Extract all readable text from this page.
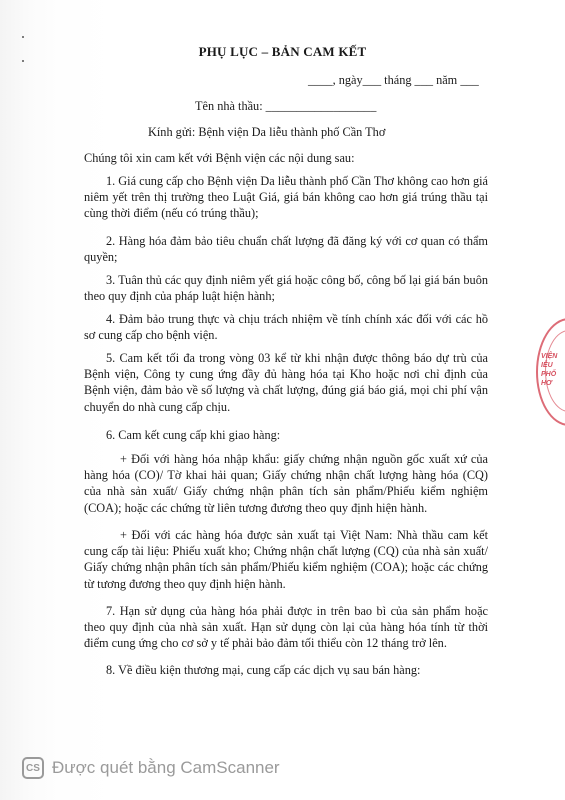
PHỤ LỤC – BẢN CAM KẾT
____, ngày___ tháng ___ năm ___
Tên nhà thầu: __________________
Kính gửi: Bệnh viện Da liễu thành phố Cần Thơ
Chúng tôi xin cam kết với Bệnh viện các nội dung sau:
1. Giá cung cấp cho Bệnh viện Da liễu thành phố Cần Thơ không cao hơn giá niêm yết trên thị trường theo Luật Giá, giá bán không cao hơn giá trúng thầu tại cùng thời điểm (nếu có trúng thầu);
2. Hàng hóa đảm bảo tiêu chuẩn chất lượng đã đăng ký với cơ quan có thẩm quyền;
3. Tuân thủ các quy định niêm yết giá hoặc công bố, công bố lại giá bán buôn theo quy định của pháp luật hiện hành;
4. Đảm bảo trung thực và chịu trách nhiệm về tính chính xác đối với các hồ sơ cung cấp cho bệnh viện.
5. Cam kết tối đa trong vòng 03 kể từ khi nhận được thông báo dự trù của Bệnh viện, Công ty cung ứng đầy đủ hàng hóa tại Kho hoặc nơi chỉ định của Bệnh viện, đảm bảo về số lượng và chất lượng, đúng giá báo giá, mọi chi phí vận chuyển do nhà cung cấp chịu.
6. Cam kết cung cấp khi giao hàng:
+ Đối với hàng hóa nhập khẩu: giấy chứng nhận nguồn gốc xuất xứ của hàng hóa (CO)/ Tờ khai hải quan; Giấy chứng nhận chất lượng hàng hóa (CQ) của nhà sản xuất/ Giấy chứng nhận phân tích sản phẩm/Phiếu kiểm nghiệm (COA); hoặc các chứng từ liên tương đương theo quy định hiện hành.
+ Đối với các hàng hóa được sản xuất tại Việt Nam: Nhà thầu cam kết cung cấp tài liệu: Phiếu xuất kho; Chứng nhận chất lượng (CQ) của nhà sản xuất/ Giấy chứng nhận phân tích sản phẩm/Phiếu kiểm nghiệm (COA); hoặc các chứng từ tương đương theo quy định hiện hành.
7. Hạn sử dụng của hàng hóa phải được in trên bao bì của sản phẩm hoặc theo quy định của nhà sản xuất. Hạn sử dụng còn lại của hàng hóa tính từ thời điểm cung ứng cho cơ sở y tế phải bảo đảm tối thiểu còn 12 tháng trở lên.
8. Về điều kiện thương mại, cung cấp các dịch vụ sau bán hàng:
VIỆN IỄU PHỐ HƠ
CS Được quét bằng CamScanner
